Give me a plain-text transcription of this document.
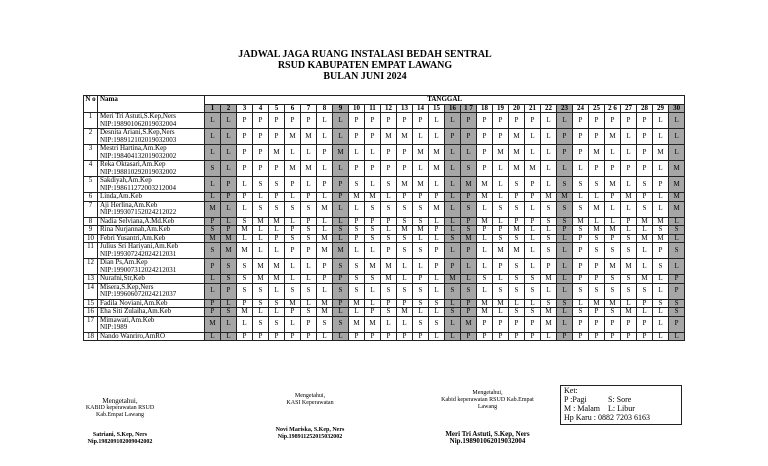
JADWAL JAGA RUANG INSTALASI BEDAH SENTRAL
RSUD KABUPATEN EMPAT LAWANG
BULAN JUNI 2024
N o	Nama	TANGGAL																													
		1	2	3	4	5	6	7	8	9	10	11	12	13	14	15	16	1 7	18	19	20	21	22	23	24	25	2 6	27	28	29	30
1	Meri Tri Astuti,S.Kep,Ners
NIP:198901062019032004	L	L	P	P	P	P	P	L	L	P	P	P	P	P	L	L	P	P	P	P	P	L	L	P	P	P	P	P	L	L
2	Desnita Ariani,S.Kep,Ners
NIP:198912102019032003	L	L	P	P	P	M	M	L	L	P	P	M	M	L	L	P	P	P	P	M	L	L	P	P	P	M	L	P	L	L
3	Mestri Hartina,Am.Kep
NIP:198404132019032002	L	L	P	P	M	L	L	P	M	L	L	P	P	M	M	L	L	P	M	M	L	L	P	P	M	L	L	P	M	L
4	Reka Oktasari,Am.Kep
NIP:198810292019032002	S	L	P	P	P	M	M	L	L	P	P	P	P	L	M	L	S	P	L	M	M	L	L	L	P	P	P	P	L	M
5	Sakdiyah,Am.Kep
NIP:198611272003212004	L	P	L	S	S	P	L	P	P	S	L	S	M	M	L	L	M	M	L	S	P	L	S	S	S	M	L	S	P	M
6	Linda,Am.Keb	L	P	P	L	P	L	P	L	P	M	M	L	P	P	P	L	P	M	L	P	P	M	M	L	L	P	M	P	L	M
7	Aji Herlina,Am.Keb
NIP:199307152024212022	M	L	L	S	S	S	S	M	L	L	S	S	S	S	M	L	S	L	S	S	L	S	S	S	M	L	L	S	L	M
8	Nadia Selviana,A.Md.Keb	P	L	S	M	M	L	P	L	L	P	P	P	S	S	L	L	P	M	L	P	P	S	S	M	L	L	P	M	M	L
9	Rina Nurjannah,Am.Keb	S	P	M	L	L	P	S	L	S	S	S	L	M	M	P	L	S	P	P	M	L	L	P	S	M	M	L	L	S	S
10	Febri Yusantri,Am.Keb	M	M	L	L	P	S	S	M	L	P	S	S	S	L	L	S	M	L	S	S	L	S	L	P	S	P	S	M	M	L
11	Julius Sri Hariyani,Am.Keb
NIP:199307242024212031	S	M	M	L	L	P	P	M	M	L	L	P	S	S	P	L	P	L	M	M	L	S	L	P	S	S	S	L	P	S
12	Dian Ps,Am.Kep
NIP:199007312024212031	P	S	S	M	M	L	L	P	S	S	M	M	L	L	P	P	L	L	P	S	L	P	L	P	P	M	M	L	S	L
13	Nurafni,Str,Keb	L	S	S	M	M	L	L	P	P	S	S	M	L	P	L	M	L	S	L	S	S	M	L	P	P	S	S	M	L	P
14	Misera,S.Kep,Ners
NIP:199606072024212037	L	P	S	S	L	S	S	L	S	S	L	S	S	S	L	S	S	L	S	S	S	L	L	S	S	S	S	S	L	P
15	Fadila Noviani,Am.Keb	P	L	P	S	S	M	L	M	P	M	L	P	P	S	S	L	P	M	M	L	L	S	S	L	M	M	L	P	S	S
16	Eha Siti Zulaiha,Am.Keb	P	S	M	L	L	P	S	M	L	L	P	S	M	L	L	S	P	M	L	S	S	M	L	S	P	S	M	L	L	S
17	Mimawati,Am.Keb
NIP:1989	M	L	L	S	S	L	P	S	S	M	M	L	L	S	S	L	M	P	P	P	P	M	L	P	P	P	P	P	L	P
18	Nando Wanriro,AmRO	L	L	P	P	P	P	P	L	L	P	P	P	P	P	L	L	P	P	P	P	P	L	P	P	P	P	P	P	L	L
Mengetahui,
KABID keperawatan RSUD Kab.Empat Lawang
Satriani, S.Kep, Ners
Nip.198209102009042002
Mengetahui,
KASI Keperawatan
Novi Mariska, S.Kep, Ners
Nip.198911252015032002
Mengetahui,
Kabid keperawatan RSUD Kab.Empat Lawang
Meri Tri Astuti, S.Kep, Ners
Nip.198901062019032004
Ket:
P :Pagi	S: Sore
M : Malam L: Libur
Hp Karu : 0882 7203 6163
